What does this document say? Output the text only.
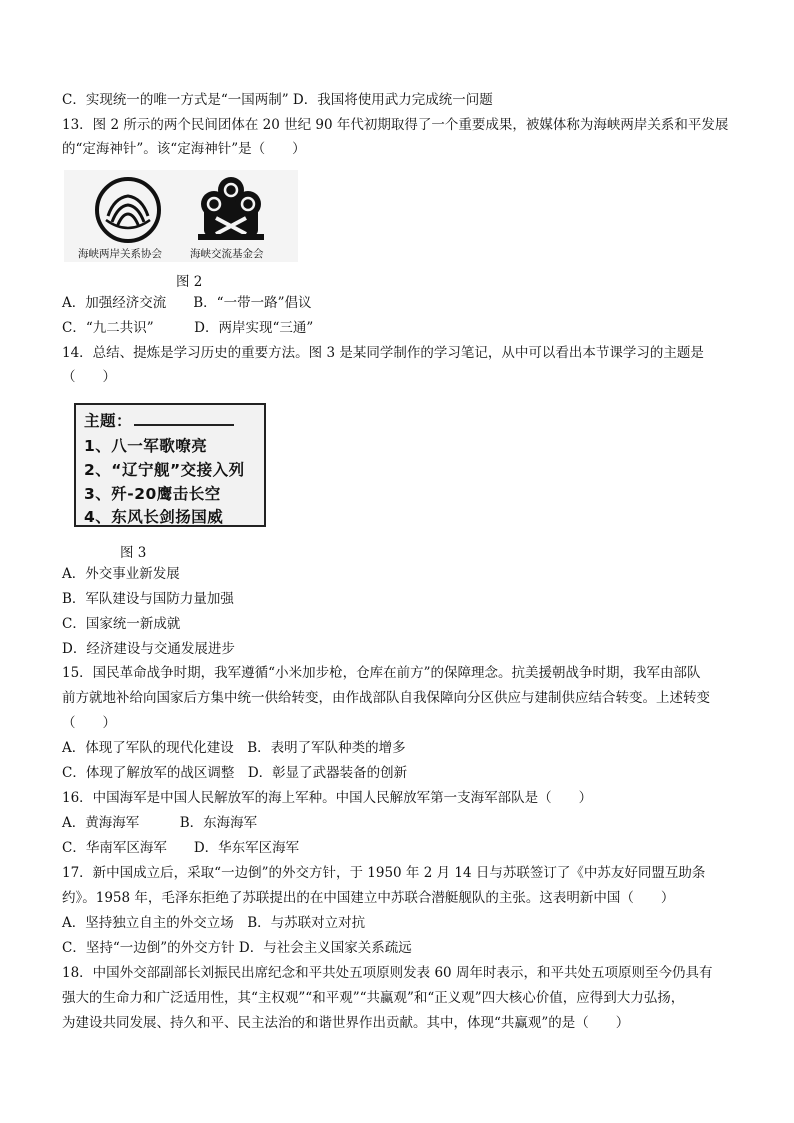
C．实现统一的唯一方式是“一国两制” D．我国将使用武力完成统一问题
13．图 2 所示的两个民间团体在 20 世纪 90 年代初期取得了一个重要成果，被媒体称为海峡两岸关系和平发展
的“定海神针”。该“定海神针”是（　　）
海峡两岸关系协会	海峡交流基金会
图 2
A．加强经济交流　　B．“一带一路”倡议
C．“九二共识”　　　D．两岸实现“三通”
14．总结、提炼是学习历史的重要方法。图 3 是某同学制作的学习笔记，从中可以看出本节课学习的主题是
（　　）
主题：
1、八一军歌嘹亮
2、“辽宁舰”交接入列
3、歼-20鹰击长空
4、东风长剑扬国威
图 3
A．外交事业新发展
B．军队建设与国防力量加强
C．国家统一新成就
D．经济建设与交通发展进步
15．国民革命战争时期，我军遵循“小米加步枪，仓库在前方”的保障理念。抗美援朝战争时期，我军由部队
前方就地补给向国家后方集中统一供给转变，由作战部队自我保障向分区供应与建制供应结合转变。上述转变
（　　）
A．体现了军队的现代化建设　B．表明了军队种类的增多
C．体现了解放军的战区调整　D．彰显了武器装备的创新
16．中国海军是中国人民解放军的海上军种。中国人民解放军第一支海军部队是（　　）
A．黄海海军　　　B．东海海军
C．华南军区海军　　D．华东军区海军
17．新中国成立后，采取“一边倒”的外交方针，于 1950 年 2 月 14 日与苏联签订了《中苏友好同盟互助条
约》。1958 年，毛泽东拒绝了苏联提出的在中国建立中苏联合潜艇舰队的主张。这表明新中国（　　）
A．坚持独立自主的外交立场　B．与苏联对立对抗
C．坚持“一边倒”的外交方针 D．与社会主义国家关系疏远
18．中国外交部副部长刘振民出席纪念和平共处五项原则发表 60 周年时表示，和平共处五项原则至今仍具有
强大的生命力和广泛适用性，其“主权观”“和平观”“共赢观”和“正义观”四大核心价值，应得到大力弘扬，
为建设共同发展、持久和平、民主法治的和谐世界作出贡献。其中，体现“共赢观”的是（　　）
